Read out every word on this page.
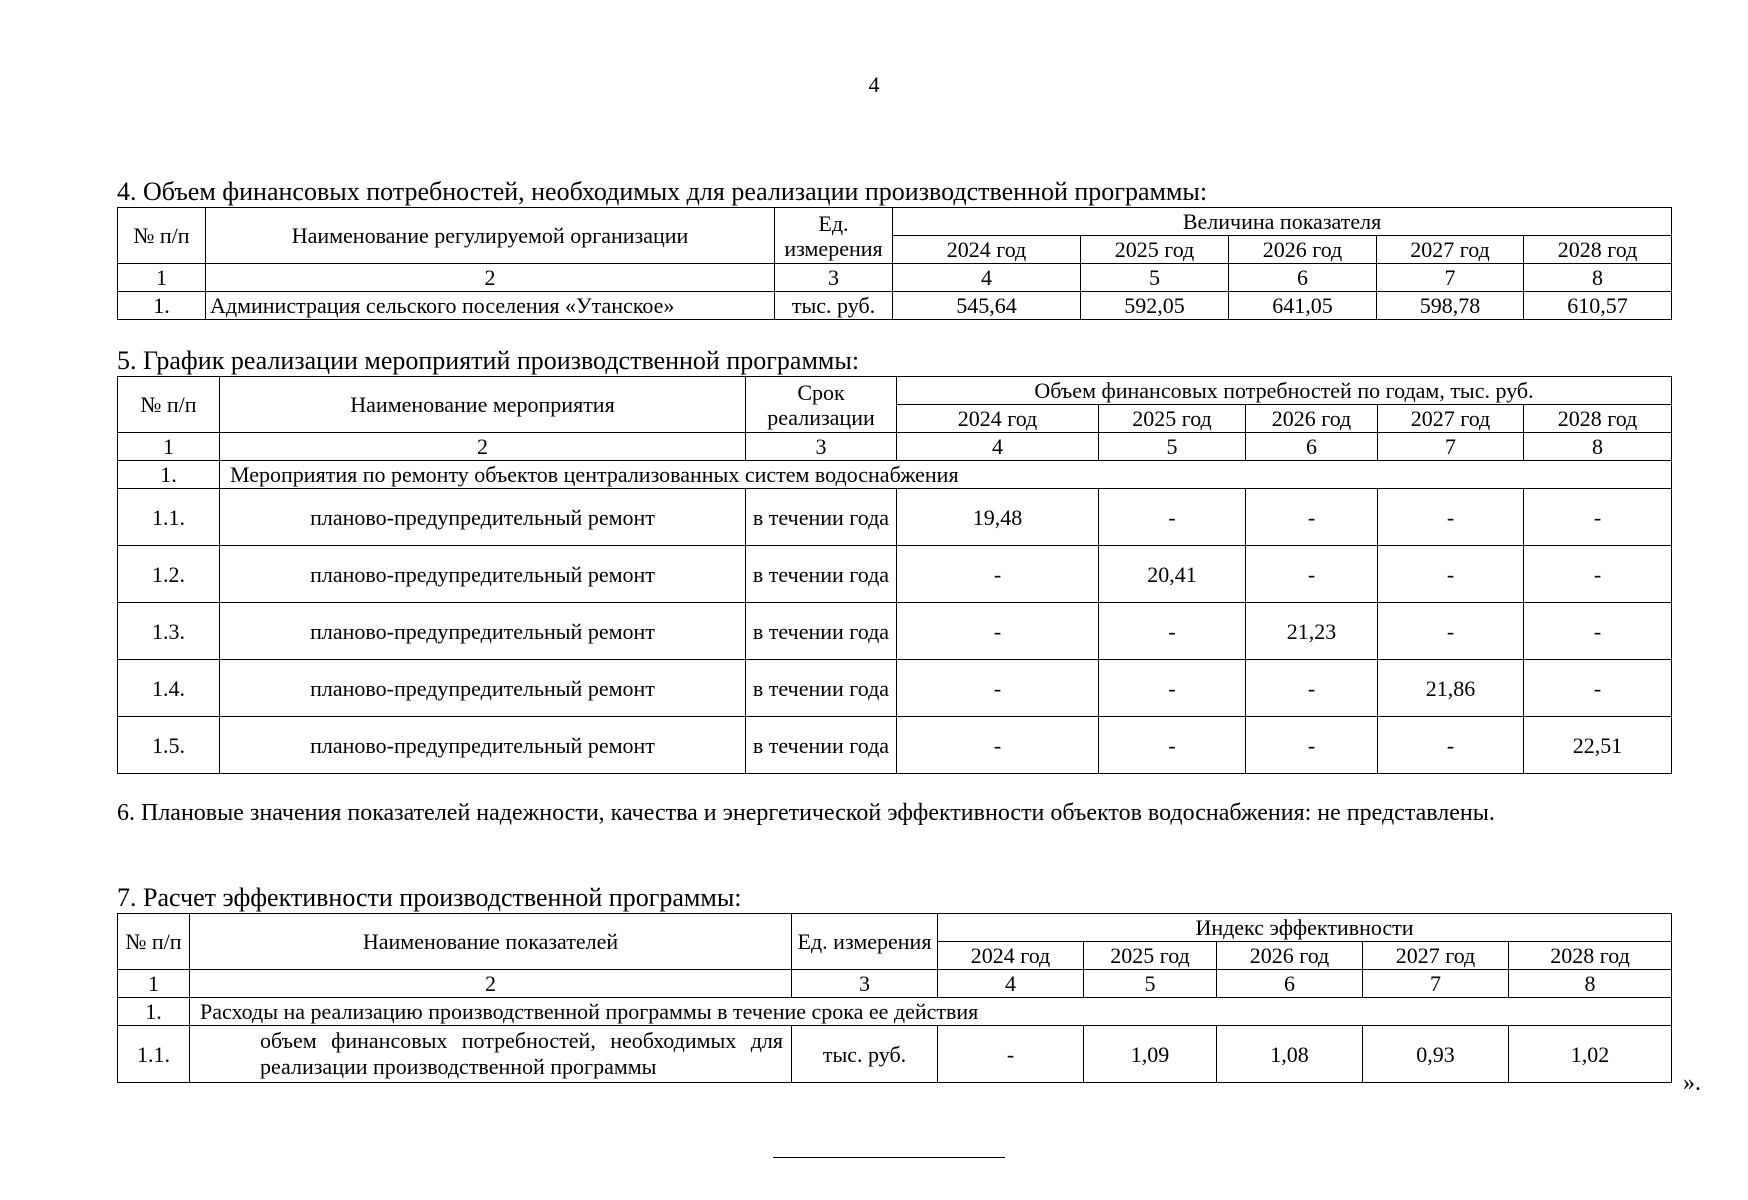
4

4. Объем финансовых потребностей, необходимых для реализации производственной программы:

№ п/п	Наименование регулируемой организации	Ед. измерения	Величина показателя				
			2024 год	2025 год	2026 год	2027 год	2028 год
1	2	3	4	5	6	7	8
1.	Администрация сельского поселения «Утанское»	тыс. руб.	545,64	592,05	641,05	598,78	610,57

5. График реализации мероприятий производственной программы:

№ п/п	Наименование мероприятия	Срок реализации	Объем финансовых потребностей по годам, тыс. руб.				
			2024 год	2025 год	2026 год	2027 год	2028 год
1	2	3	4	5	6	7	8
1.	Мероприятия по ремонту объектов централизованных систем водоснабжения						
1.1.	планово-предупредительный ремонт	в течении года	19,48	-	-	-	-
1.2.	планово-предупредительный ремонт	в течении года	-	20,41	-	-	-
1.3.	планово-предупредительный ремонт	в течении года	-	-	21,23	-	-
1.4.	планово-предупредительный ремонт	в течении года	-	-	-	21,86	-
1.5.	планово-предупредительный ремонт	в течении года	-	-	-	-	22,51

6. Плановые значения показателей надежности, качества и энергетической эффективности объектов водоснабжения: не представлены.

7. Расчет эффективности производственной программы:

№ п/п	Наименование показателей	Ед. измерения	Индекс эффективности				
			2024 год	2025 год	2026 год	2027 год	2028 год
1	2	3	4	5	6	7	8
1.	Расходы на реализацию производственной программы в течение срока ее действия						
1.1.	объем финансовых потребностей, необходимых для реализации производственной программы	тыс. руб.	-	1,09	1,08	0,93	1,02
».
